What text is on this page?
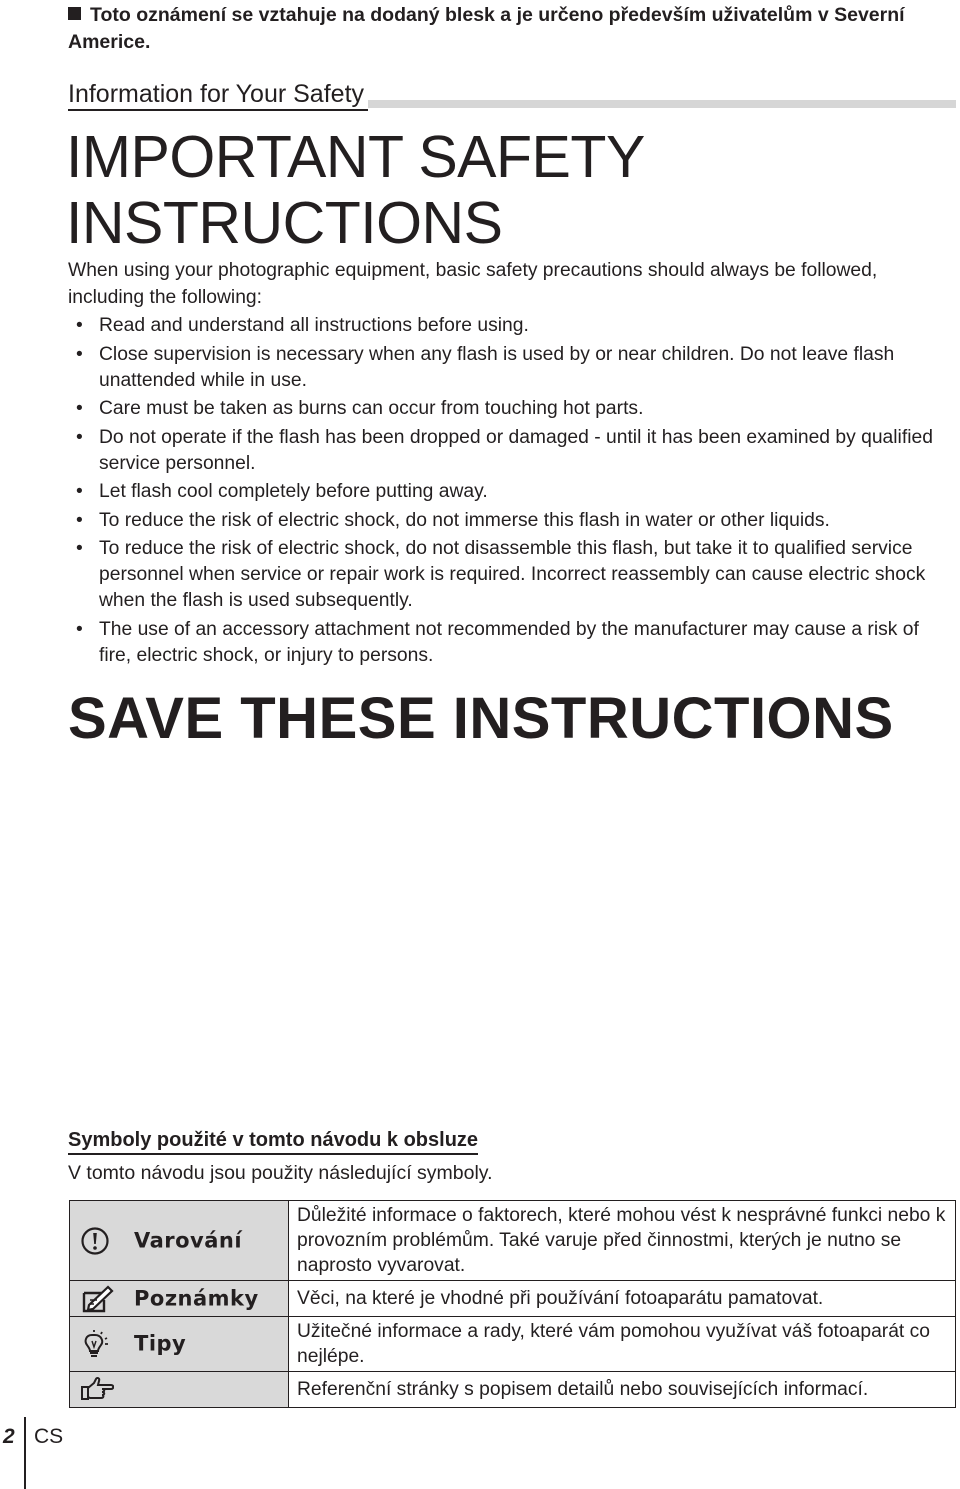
Toto oznámení se vztahuje na dodaný blesk a je určeno především uživatelům v Severní Americe.
Information for Your Safety
IMPORTANT SAFETY
INSTRUCTIONS
When using your photographic equipment, basic safety precautions should always be followed, including the following:
• Read and understand all instructions before using.
• Close supervision is necessary when any flash is used by or near children. Do not leave flash unattended while in use.
• Care must be taken as burns can occur from touching hot parts.
• Do not operate if the flash has been dropped or damaged - until it has been examined by qualified service personnel.
• Let flash cool completely before putting away.
• To reduce the risk of electric shock, do not immerse this flash in water or other liquids.
• To reduce the risk of electric shock, do not disassemble this flash, but take it to qualified service personnel when service or repair work is required. Incorrect reassembly can cause electric shock when the flash is used subsequently.
• The use of an accessory attachment not recommended by the manufacturer may cause a risk of fire, electric shock, or injury to persons.
SAVE THESE INSTRUCTIONS
Symboly použité v tomto návodu k obsluze
V tomto návodu jsou použity následující symboly.
Varování	Důležité informace o faktorech, které mohou vést k nesprávné funkci nebo k provozním problémům. Také varuje před činnostmi, kterých je nutno se naprosto vyvarovat.
Poznámky	Věci, na které je vhodné při používání fotoaparátu pamatovat.
Tipy	Užitečné informace a rady, které vám pomohou využívat váš fotoaparát co nejlépe.
	Referenční stránky s popisem detailů nebo souvisejících informací.
2 CS
